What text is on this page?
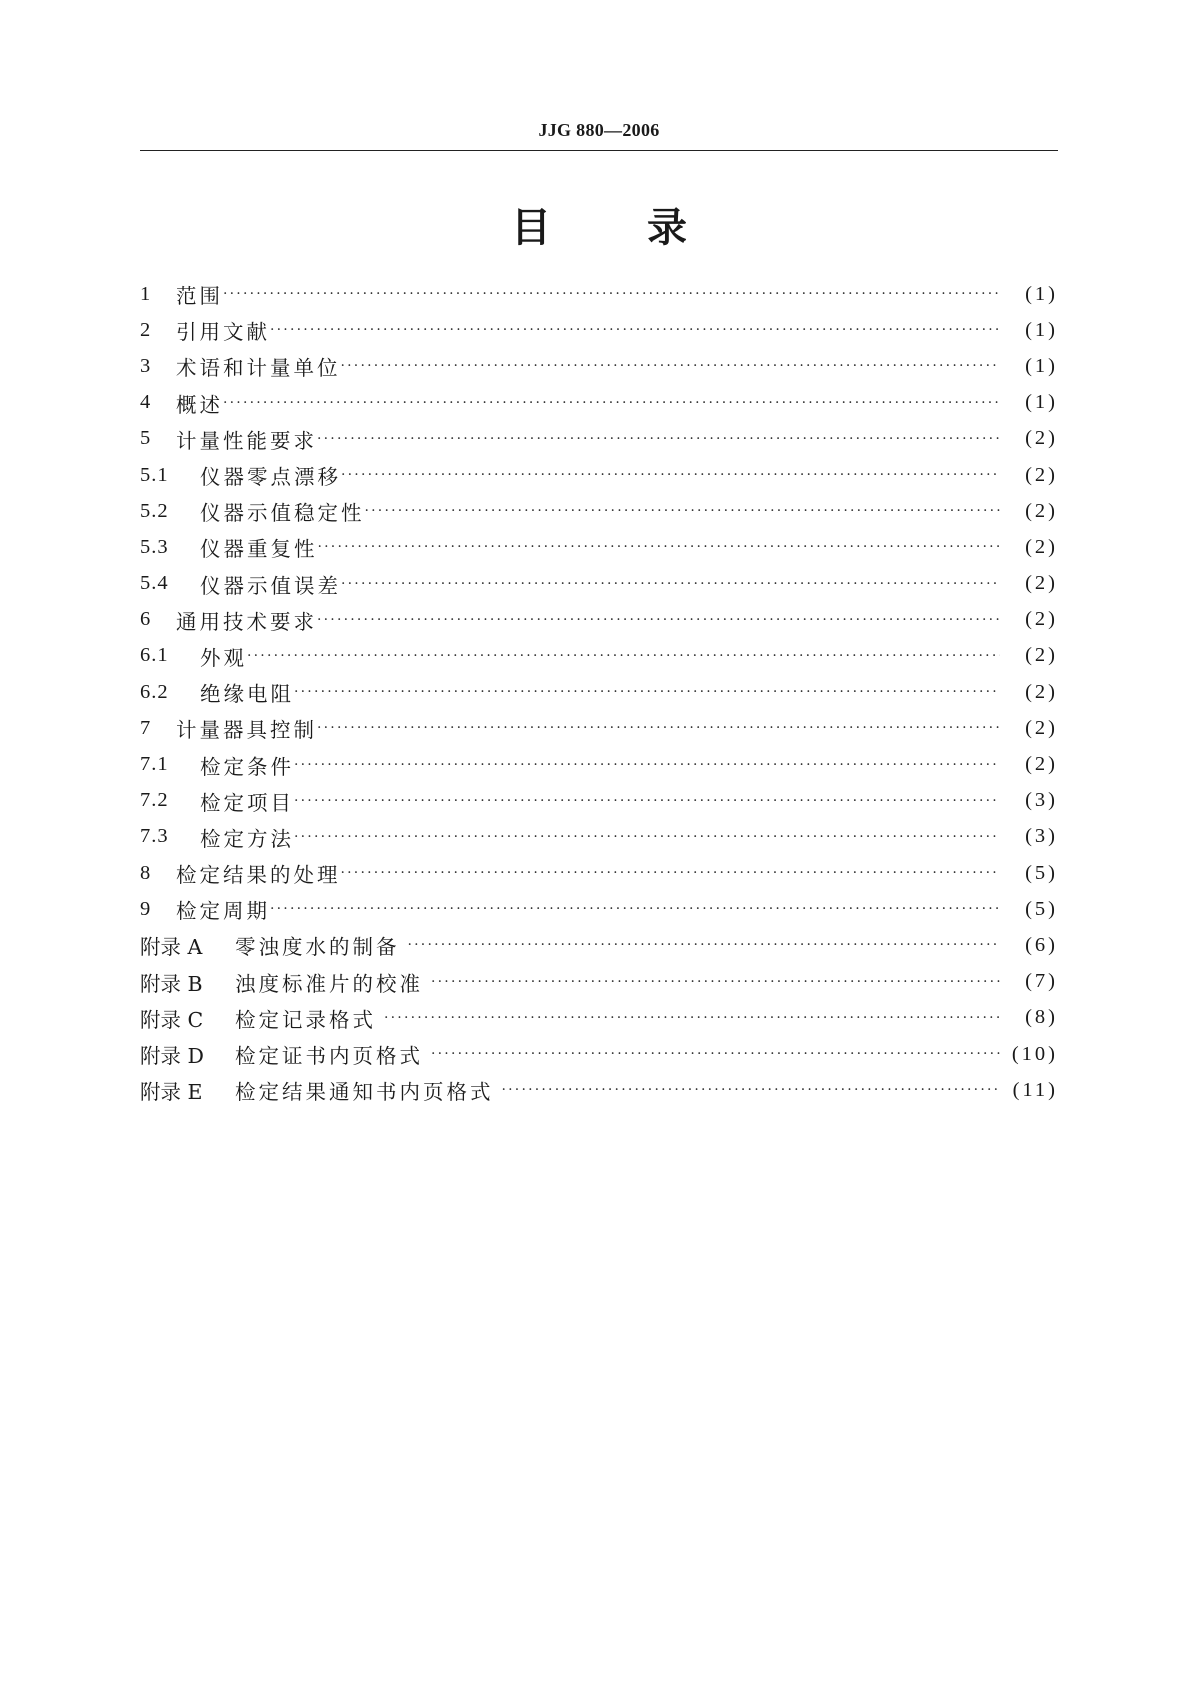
JJG 880—2006
目 录
1	范围 ·····	(1)
2	引用文献 ·····	(1)
3	术语和计量单位 ·····	(1)
4	概述 ·····	(1)
5	计量性能要求 ·····	(2)
5.1	仪器零点漂移 ·····	(2)
5.2	仪器示值稳定性 ·····	(2)
5.3	仪器重复性 ·····	(2)
5.4	仪器示值误差 ·····	(2)
6	通用技术要求 ·····	(2)
6.1	外观 ·····	(2)
6.2	绝缘电阻 ·····	(2)
7	计量器具控制 ·····	(2)
7.1	检定条件 ·····	(2)
7.2	检定项目 ·····	(3)
7.3	检定方法 ·····	(3)
8	检定结果的处理 ·····	(5)
9	检定周期 ·····	(5)
附录 A	零浊度水的制备 ·····	(6)
附录 B	浊度标准片的校准 ·····	(7)
附录 C	检定记录格式 ·····	(8)
附录 D	检定证书内页格式 ·····	(10)
附录 E	检定结果通知书内页格式 ·····	(11)
